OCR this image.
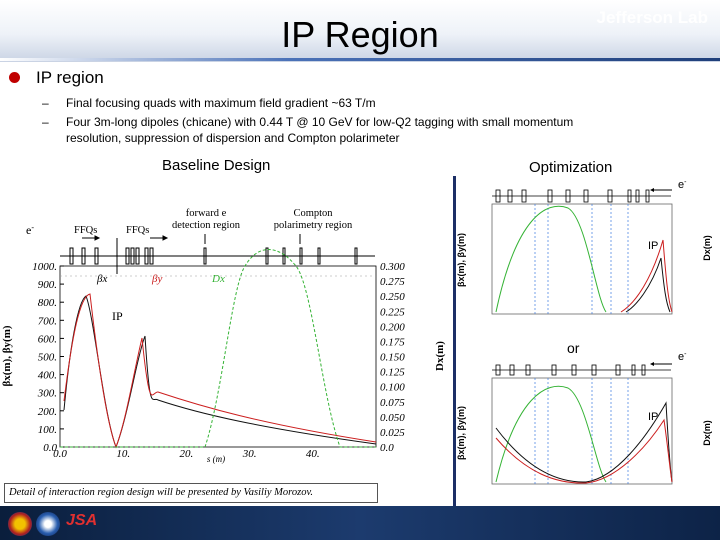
IP Region
IP region
– Final focusing quads with maximum field gradient ~63 T/m
– Four 3m-long dipoles (chicane) with 0.44 T @ 10 GeV for low-Q2 tagging with small momentum
resolution, suppression of dispersion and Compton polarimeter
Baseline Design	Optimization
e-	FFQs	FFQs
forward e
detection region
Compton
polarimetry region
IP
0.0
100.
200.
300.
400.
500.
600.
700.
800.
900.
1000.
0.0
0.025
0.050
0.075
0.100
0.125
0.150
0.175
0.200
0.225
0.250
0.275
0.300
0.0	10.	20.	30.	40.
βx(m), βy(m)	Dx(m)
s (m)
βx	βy	Dx
e-
IP
βx(m), βy(m)	Dx(m)
or
e-
IP
βx(m), βy(m)	Dx(m)
Detail of interaction region design will be presented by Vasiliy Morozov.
JSA
Jefferson Lab
